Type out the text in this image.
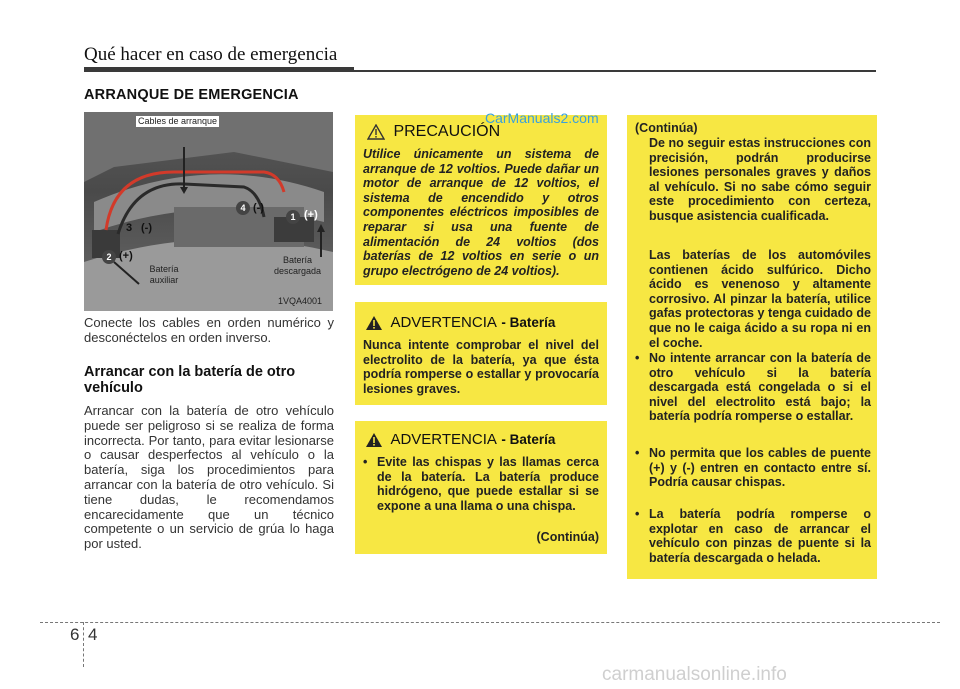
Qué hacer en caso de emergencia
ARRANQUE DE EMERGENCIA
Cables de arranque
4 (-)
1 (+)
3 (-)
2 (+)
Batería
auxiliar
Batería
descargada
1VQA4001
Conecte los cables en orden numérico y desconéctelos en orden inverso.
Arrancar con la batería de otro vehículo
Arrancar con la batería de otro vehículo puede ser peligroso si se realiza de forma incorrecta. Por tanto, para evitar lesionarse o causar desperfectos al vehículo o la batería, siga los procedimientos para arrancar con la batería de otro vehículo. Si tiene dudas, le recomendamos encarecidamente que un técnico competente o un servicio de grúa lo haga por usted.
PRECAUCIÓN
Utilice únicamente un sistema de arranque de 12 voltios. Puede dañar un motor de arranque de 12 voltios, el sistema de encendido y otros componentes eléctricos imposibles de reparar si usa una fuente de alimentación de 24 voltios (dos baterías de 12 voltios en serie o un grupo electrógeno de 24 voltios).
ADVERTENCIA - Batería
Nunca intente comprobar el nivel del electrolito de la batería, ya que ésta podría romperse o estallar y provocaría lesiones graves.
ADVERTENCIA - Batería
• Evite las chispas y las llamas cerca de la batería. La batería produce hidrógeno, que puede estallar si se expone a una llama o una chispa.
(Continúa)
(Continúa)
De no seguir estas instrucciones con precisión, podrán producirse lesiones personales graves y daños al vehículo. Si no sabe cómo seguir este procedimiento con certeza, busque asistencia cualificada.
Las baterías de los automóviles contienen ácido sulfúrico. Dicho ácido es venenoso y altamente corrosivo. Al pinzar la batería, utilice gafas protectoras y tenga cuidado de que no le caiga ácido a su ropa ni en el coche.
• No intente arrancar con la batería de otro vehículo si la batería descargada está congelada o si el nivel del electrolito está bajo; la batería podría romperse o estallar.
• No permita que los cables de puente (+) y (-) entren en contacto entre sí. Podría causar chispas.
• La batería podría romperse o explotar en caso de arrancar el vehículo con pinzas de puente si la batería descargada o helada.
CarManuals2.com
6 4
carmanualsonline.info
